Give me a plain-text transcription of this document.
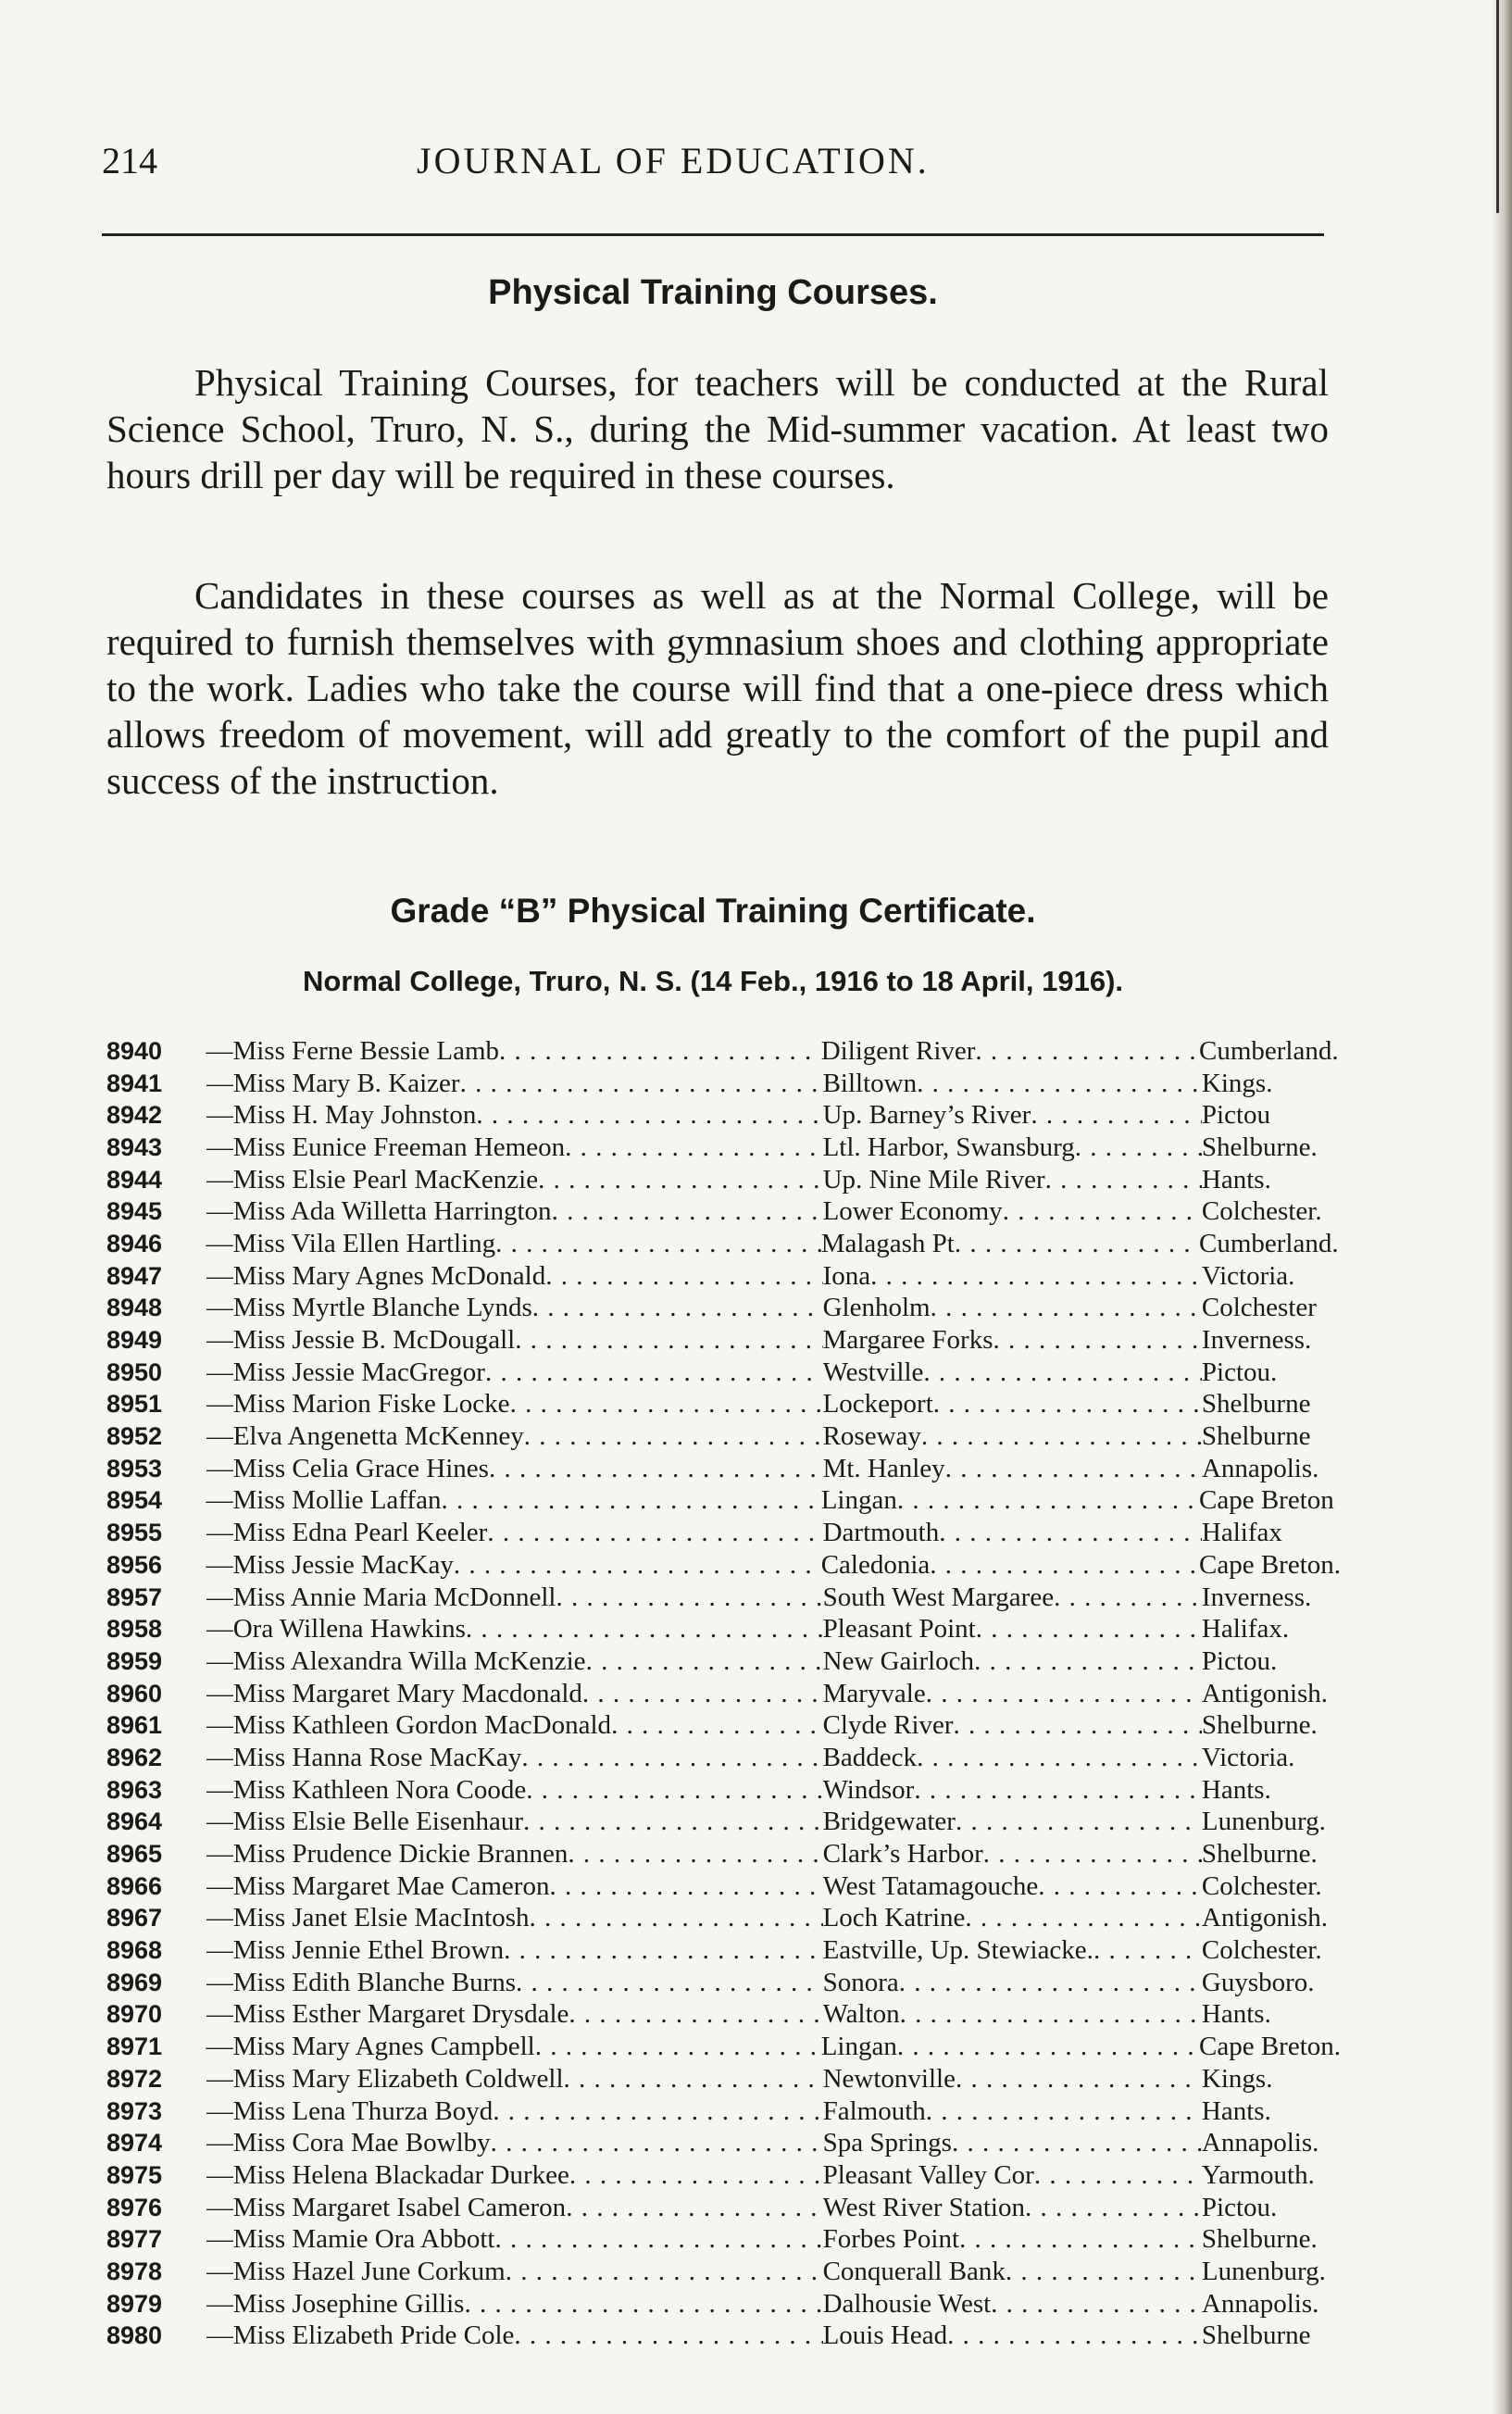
214	JOURNAL OF EDUCATION.
Physical Training Courses.

Physical Training Courses, for teachers will be conducted at the Rural Science School, Truro, N. S., during the Mid-summer vacation. At least two hours drill per day will be required in these courses.

Candidates in these courses as well as at the Normal College, will be required to furnish themselves with gymnasium shoes and clothing appropriate to the work. Ladies who take the course will find that a one-piece dress which allows freedom of movement, will add greatly to the comfort of the pupil and success of the instruction.

Grade “B” Physical Training Certificate.
Normal College, Truro, N. S. (14 Feb., 1916 to 18 April, 1916).
8940	—Miss Ferne Bessie Lamb . . .	Diligent River . . .	Cumberland.
8941	—Miss Mary B. Kaizer . . .	Billtown . . .	Kings.
8942	—Miss H. May Johnston . . .	Up. Barney’s River . . .	Pictou
8943	—Miss Eunice Freeman Hemeon . . .	Ltl. Harbor, Swansburg . . .	Shelburne.
8944	—Miss Elsie Pearl MacKenzie . . .	Up. Nine Mile River . . .	Hants.
8945	—Miss Ada Willetta Harrington . . .	Lower Economy . . .	Colchester.
8946	—Miss Vila Ellen Hartling . . .	Malagash Pt . . .	Cumberland.
8947	—Miss Mary Agnes McDonald . . .	Iona . . .	Victoria.
8948	—Miss Myrtle Blanche Lynds . . .	Glenholm . . .	Colchester
8949	—Miss Jessie B. McDougall . . .	Margaree Forks . . .	Inverness.
8950	—Miss Jessie MacGregor . . .	Westville . . .	Pictou.
8951	—Miss Marion Fiske Locke . . .	Lockeport . . .	Shelburne
8952	—Elva Angenetta McKenney . . .	Roseway . . .	Shelburne
8953	—Miss Celia Grace Hines . . .	Mt. Hanley . . .	Annapolis.
8954	—Miss Mollie Laffan . . .	Lingan . . .	Cape Breton
8955	—Miss Edna Pearl Keeler . . .	Dartmouth . . .	Halifax
8956	—Miss Jessie MacKay . . .	Caledonia . . .	Cape Breton.
8957	—Miss Annie Maria McDonnell . . .	South West Margaree . . .	Inverness.
8958	—Ora Willena Hawkins . . .	Pleasant Point . . .	Halifax.
8959	—Miss Alexandra Willa McKenzie . . .	New Gairloch . . .	Pictou.
8960	—Miss Margaret Mary Macdonald . . .	Maryvale . . .	Antigonish.
8961	—Miss Kathleen Gordon MacDonald . . .	Clyde River . . .	Shelburne.
8962	—Miss Hanna Rose MacKay . . .	Baddeck . . .	Victoria.
8963	—Miss Kathleen Nora Coode . . .	Windsor . . .	Hants.
8964	—Miss Elsie Belle Eisenhaur . . .	Bridgewater . . .	Lunenburg.
8965	—Miss Prudence Dickie Brannen . . .	Clark’s Harbor . . .	Shelburne.
8966	—Miss Margaret Mae Cameron . . .	West Tatamagouche . . .	Colchester.
8967	—Miss Janet Elsie MacIntosh . . .	Loch Katrine . . .	Antigonish.
8968	—Miss Jennie Ethel Brown . . .	Eastville, Up. Stewiacke. . . .	Colchester.
8969	—Miss Edith Blanche Burns . . .	Sonora . . .	Guysboro.
8970	—Miss Esther Margaret Drysdale . . .	Walton . . .	Hants.
8971	—Miss Mary Agnes Campbell . . .	Lingan . . .	Cape Breton.
8972	—Miss Mary Elizabeth Coldwell . . .	Newtonville . . .	Kings.
8973	—Miss Lena Thurza Boyd . . .	Falmouth . . .	Hants.
8974	—Miss Cora Mae Bowlby . . .	Spa Springs . . .	Annapolis.
8975	—Miss Helena Blackadar Durkee . . .	Pleasant Valley Cor . . .	Yarmouth.
8976	—Miss Margaret Isabel Cameron . . .	West River Station . . .	Pictou.
8977	—Miss Mamie Ora Abbott . . .	Forbes Point . . .	Shelburne.
8978	—Miss Hazel June Corkum . . .	Conquerall Bank . . .	Lunenburg.
8979	—Miss Josephine Gillis . . .	Dalhousie West . . .	Annapolis.
8980	—Miss Elizabeth Pride Cole . . .	Louis Head . . .	Shelburne
